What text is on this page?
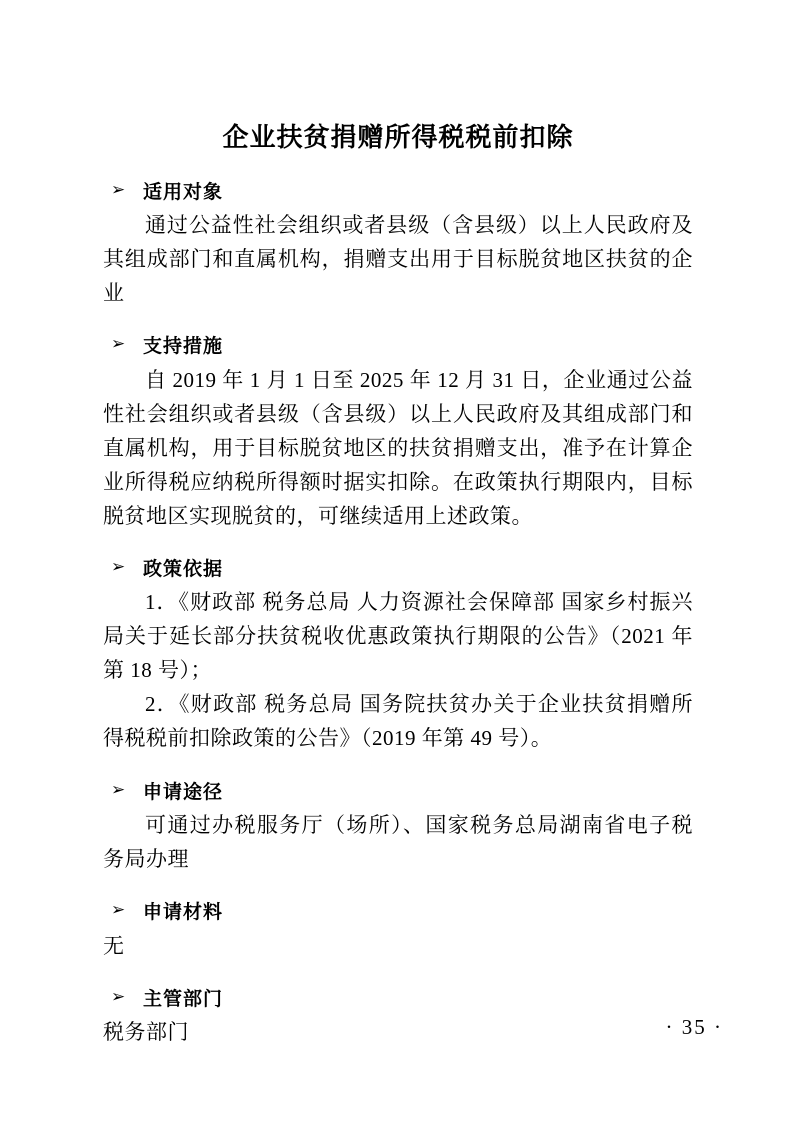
企业扶贫捐赠所得税税前扣除
➢ 适用对象

通过公益性社会组织或者县级（含县级）以上人民政府及其组成部门和直属机构，捐赠支出用于目标脱贫地区扶贫的企业

➢ 支持措施

自 2019 年 1 月 1 日至 2025 年 12 月 31 日，企业通过公益性社会组织或者县级（含县级）以上人民政府及其组成部门和直属机构，用于目标脱贫地区的扶贫捐赠支出，准予在计算企业所得税应纳税所得额时据实扣除。在政策执行期限内，目标脱贫地区实现脱贫的，可继续适用上述政策。

➢ 政策依据

1．《财政部 税务总局 人力资源社会保障部 国家乡村振兴局关于延长部分扶贫税收优惠政策执行期限的公告》（2021 年第 18 号）；

2．《财政部 税务总局 国务院扶贫办关于企业扶贫捐赠所得税税前扣除政策的公告》（2019 年第 49 号）。

➢ 申请途径

可通过办税服务厅（场所）、国家税务总局湖南省电子税务局办理

➢ 申请材料

无

➢ 主管部门

税务部门	· 35 ·
